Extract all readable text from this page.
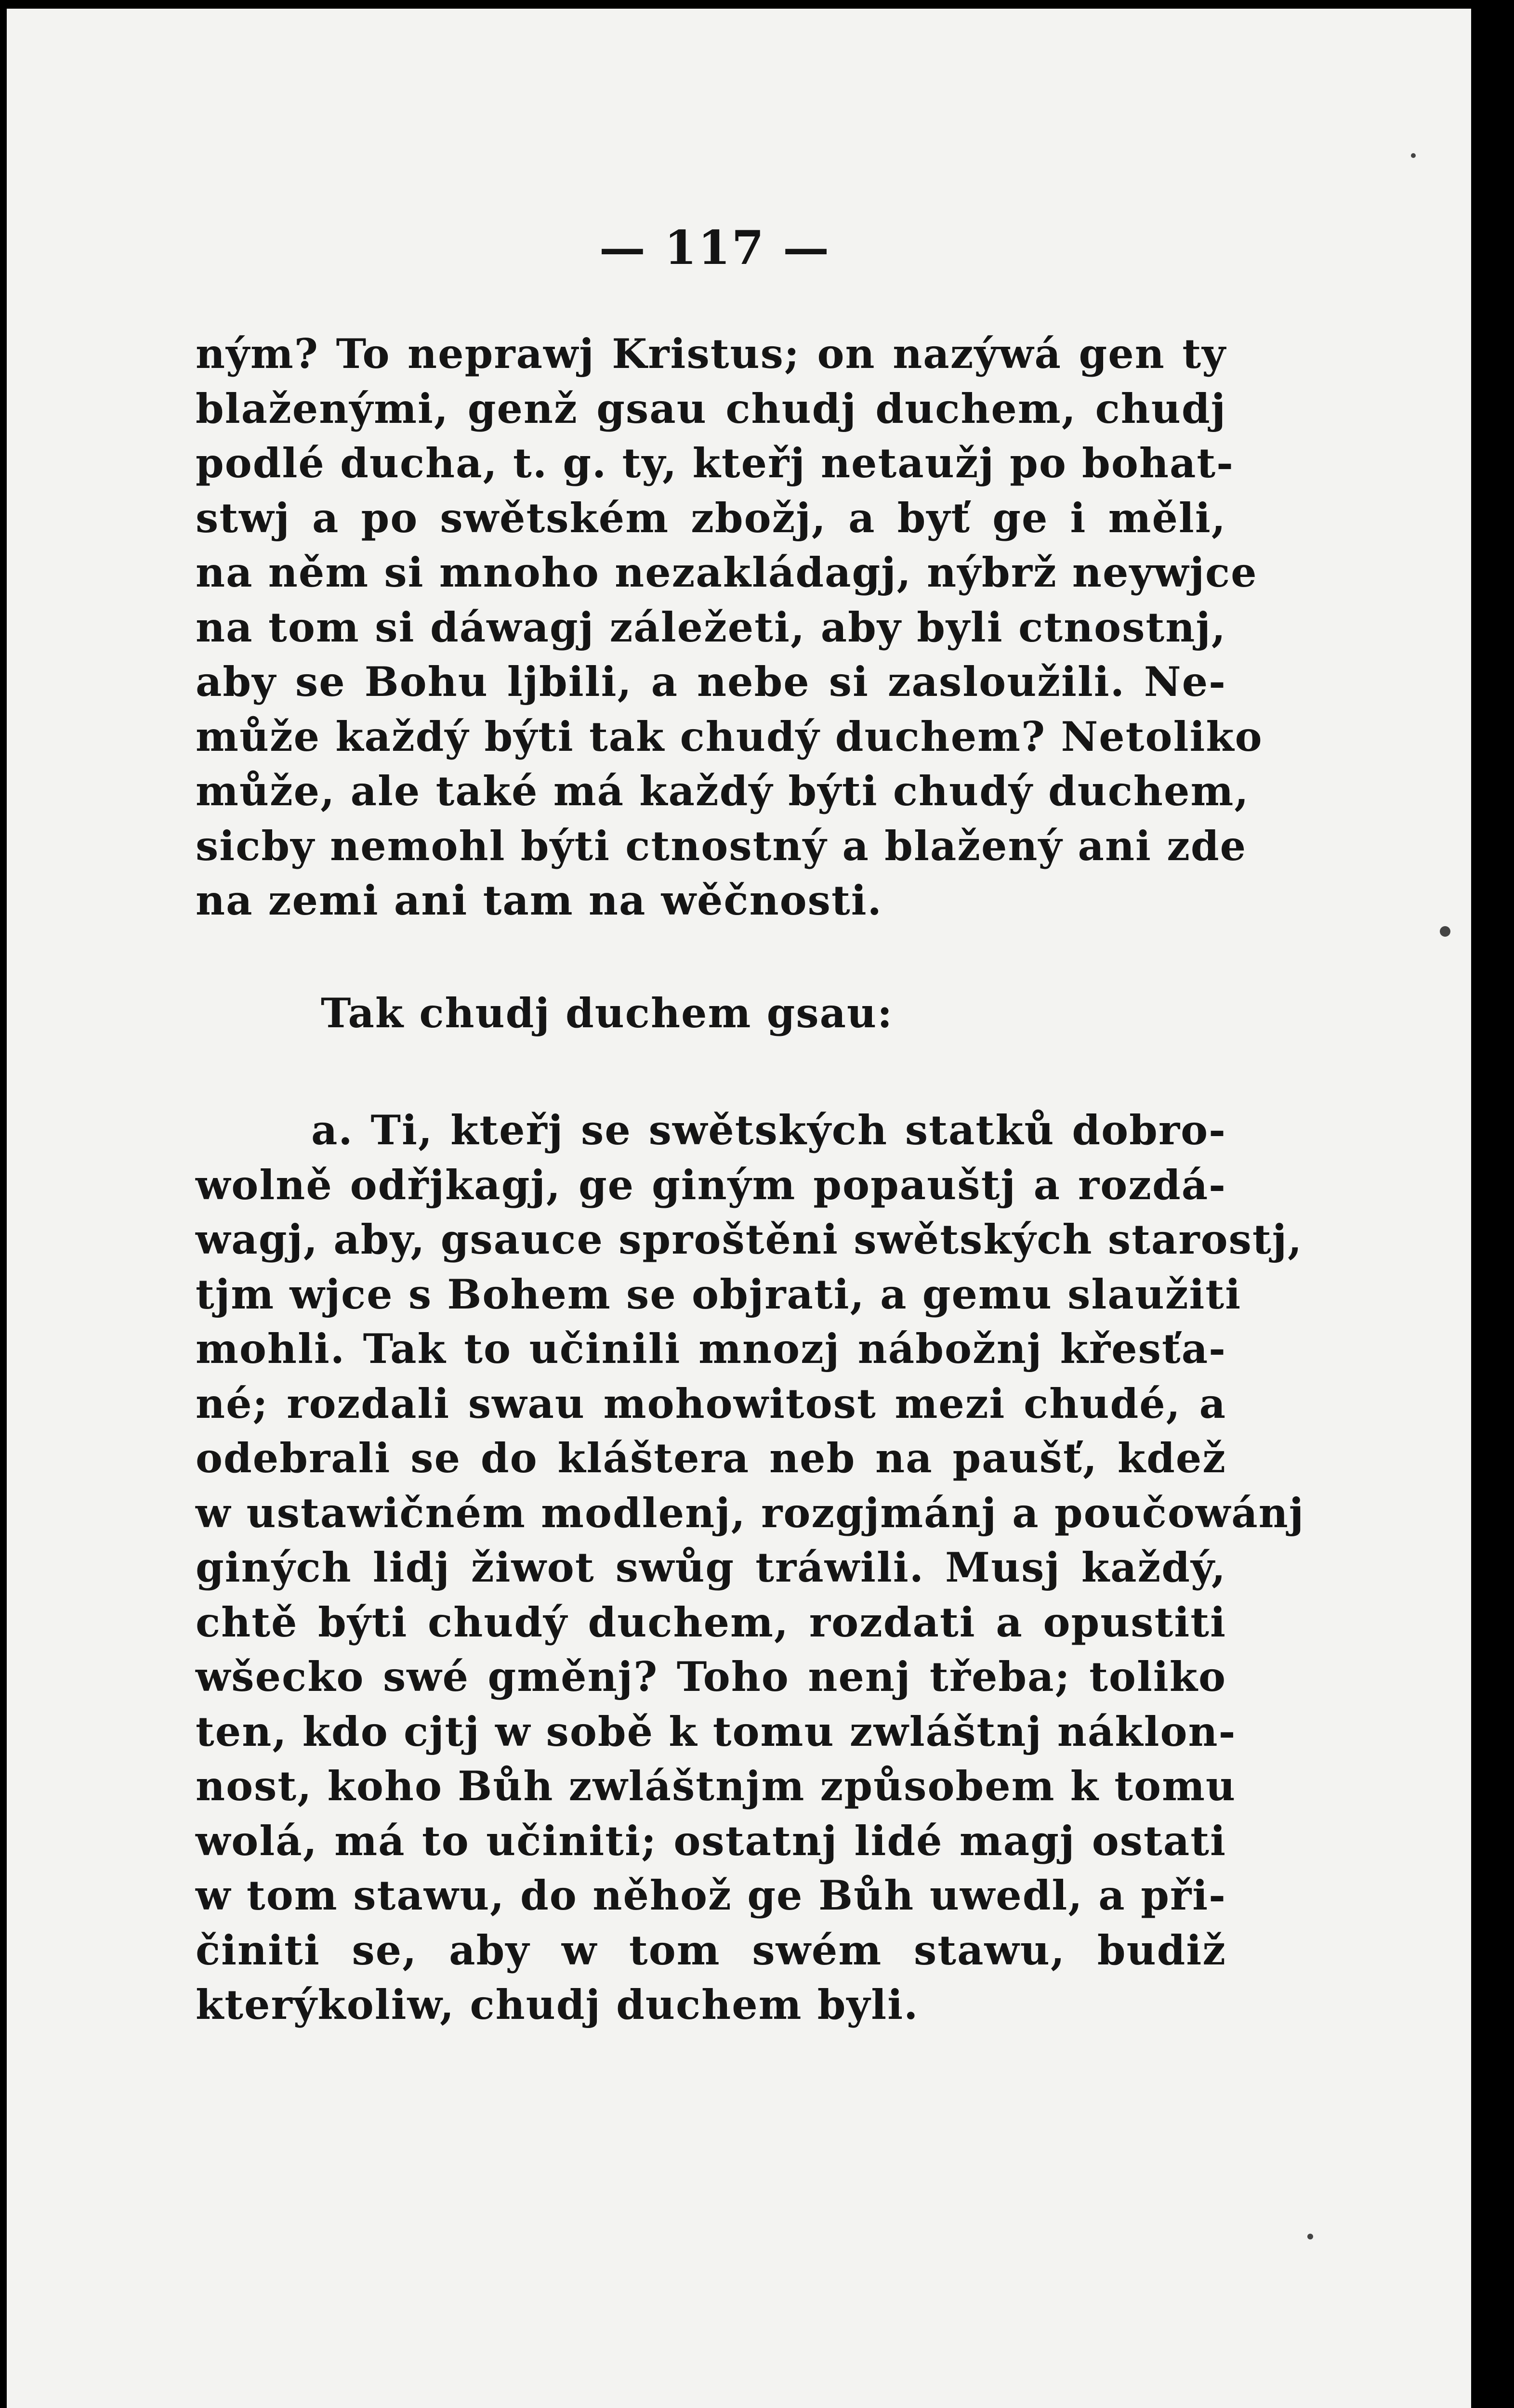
— 117 —
ným? To neprawj Kristus; on nazýwá gen ty
blaženými, genž gsau chudj duchem, chudj
podlé ducha, t. g. ty, kteřj netaužj po bohat-
stwj a po swětském zbožj, a byť ge i měli,
na něm si mnoho nezakládagj, nýbrž neywjce
na tom si dáwagj záležeti, aby byli ctnostnj,
aby se Bohu ljbili, a nebe si zasloužili. Ne-
může každý býti tak chudý duchem? Netoliko
může, ale také má každý býti chudý duchem,
sicby nemohl býti ctnostný a blažený ani zde
na zemi ani tam na wěčnosti.
Tak chudj duchem gsau:
a. Ti, kteřj se swětských statků dobro-
wolně odřjkagj, ge giným popauštj a rozdá-
wagj, aby, gsauce sproštěni swětských starostj,
tjm wjce s Bohem se objrati, a gemu slaužiti
mohli. Tak to učinili mnozj nábožnj křesťa-
né; rozdali swau mohowitost mezi chudé, a
odebrali se do kláštera neb na paušť, kdež
w ustawičném modlenj, rozgjmánj a poučowánj
giných lidj žiwot swůg tráwili. Musj každý,
chtě býti chudý duchem, rozdati a opustiti
wšecko swé gměnj? Toho nenj třeba; toliko
ten, kdo cjtj w sobě k tomu zwláštnj náklon-
nost, koho Bůh zwláštnjm způsobem k tomu
wolá, má to učiniti; ostatnj lidé magj ostati
w tom stawu, do něhož ge Bůh uwedl, a při-
činiti se, aby w tom swém stawu, budiž
kterýkoliw, chudj duchem byli.
